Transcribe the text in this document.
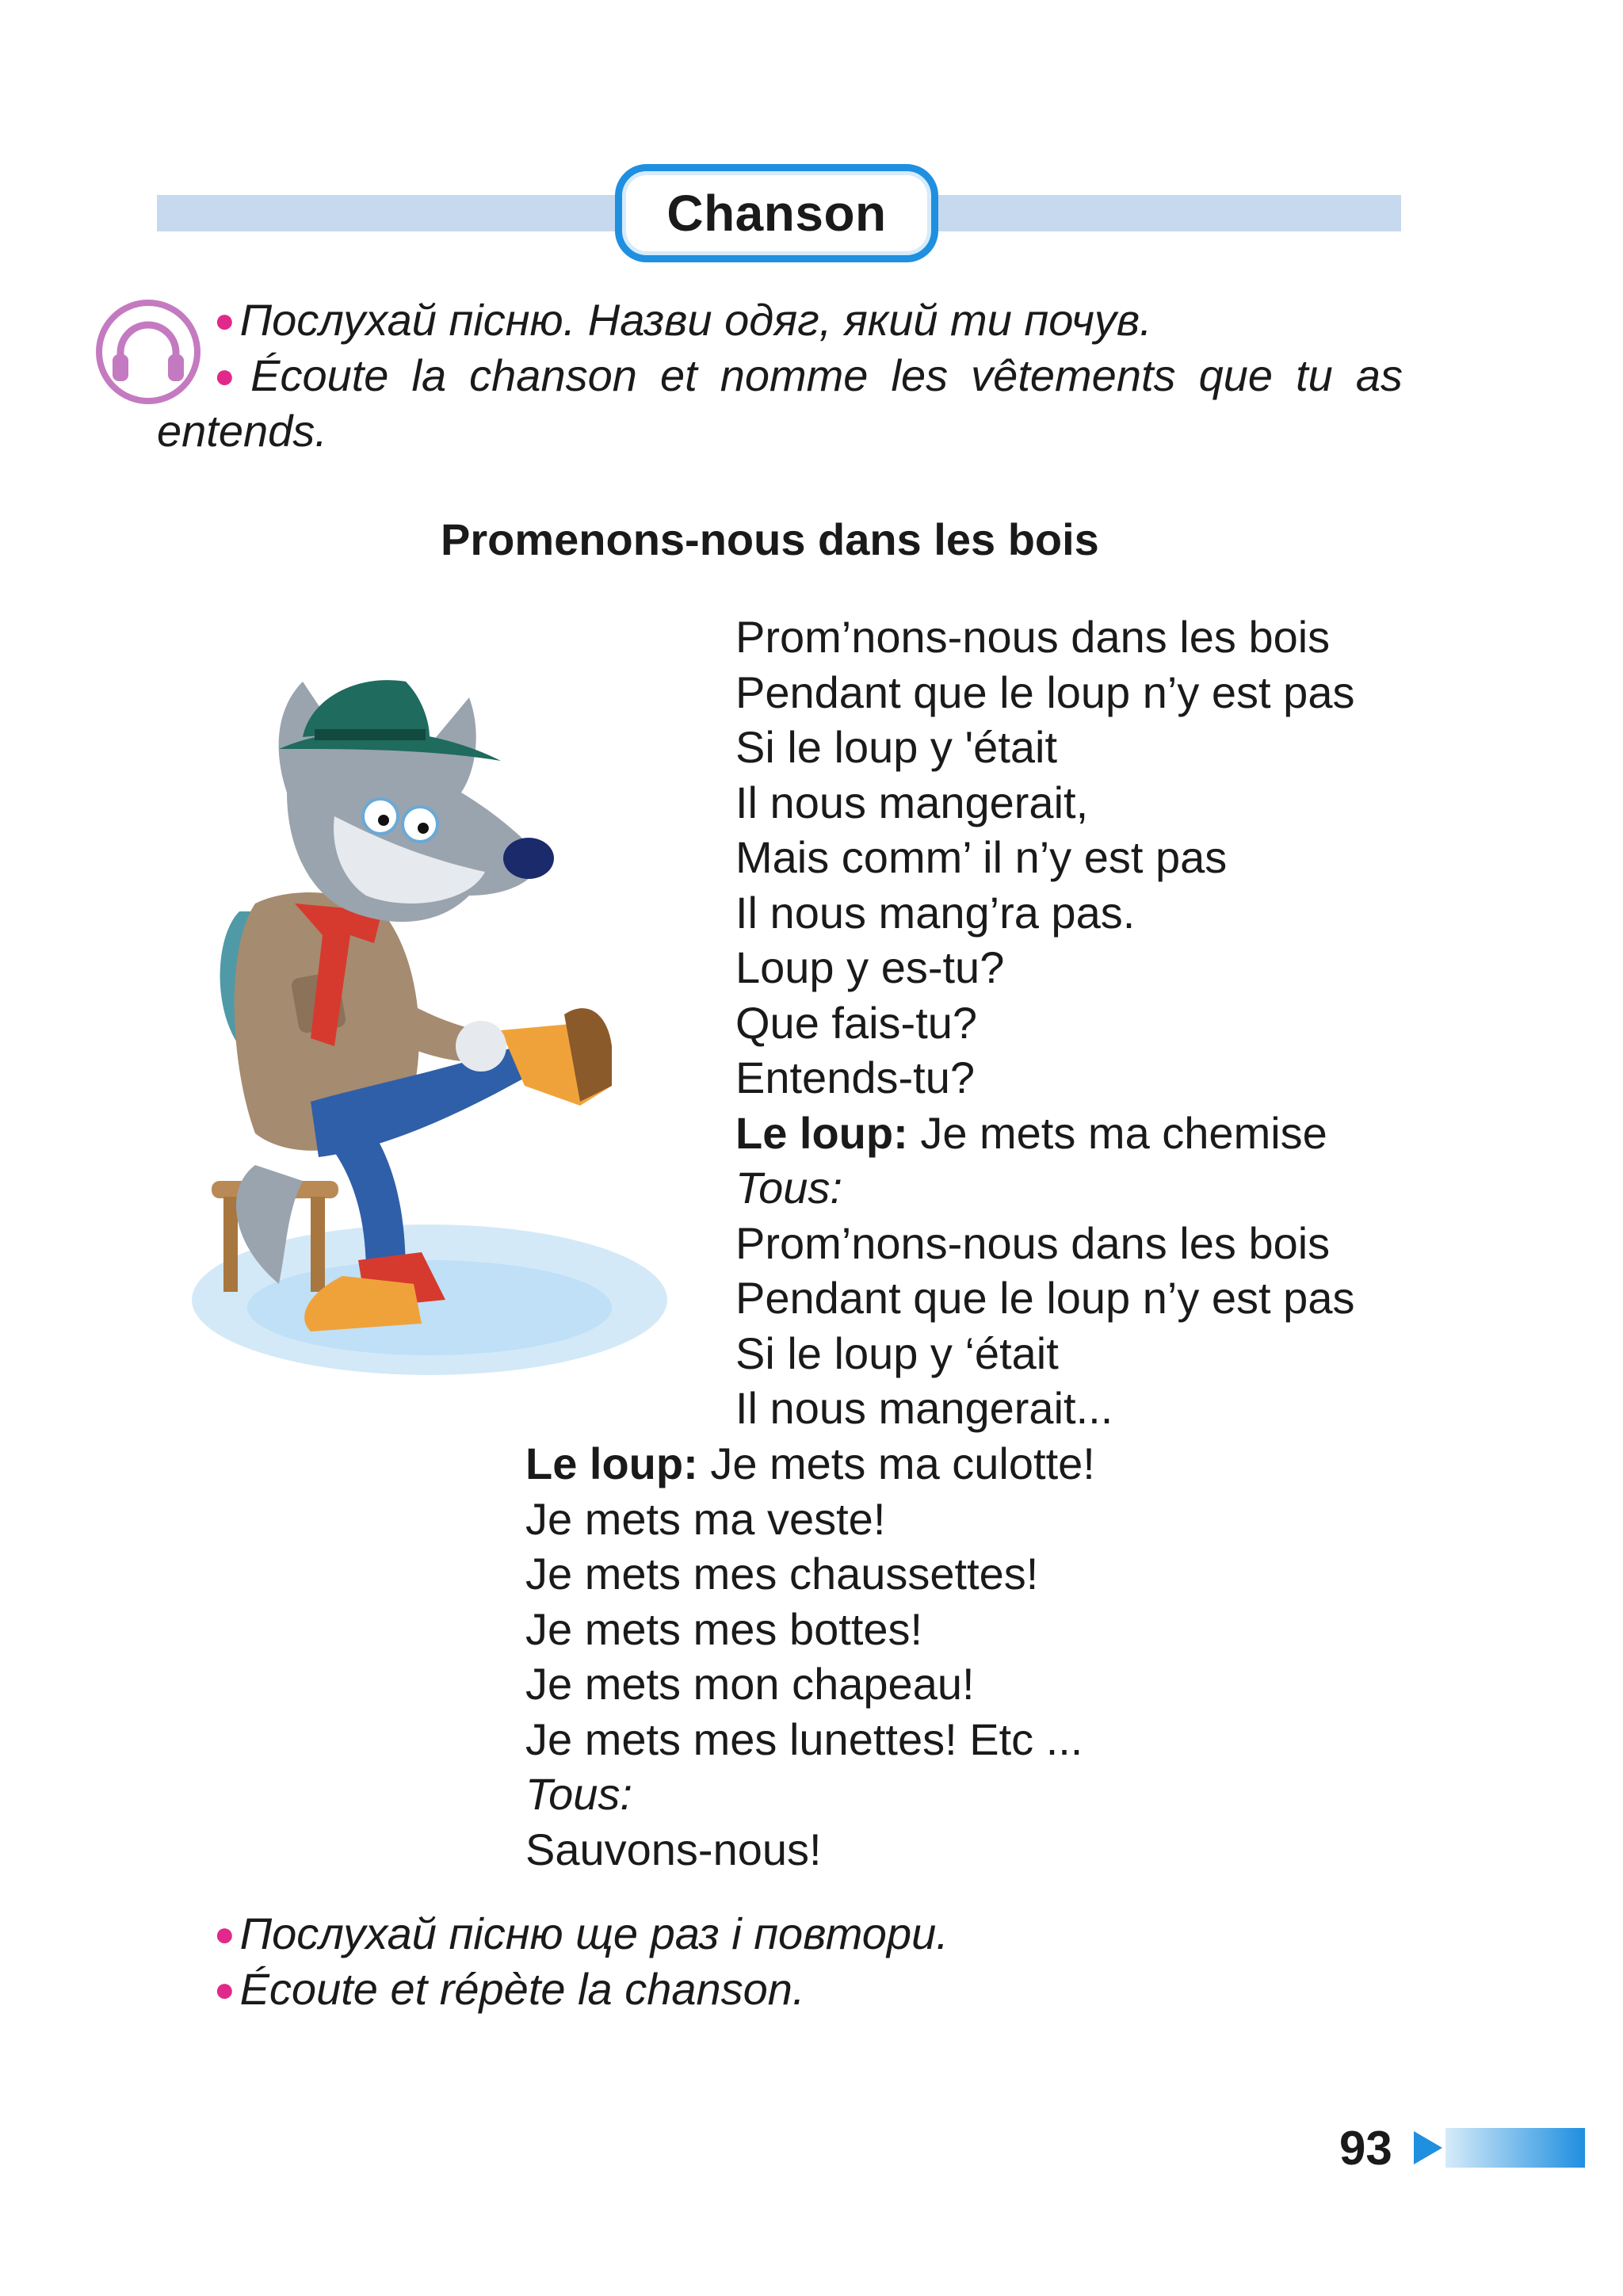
Chanson
● Послухай пісню. Назви одяг, який ти почув.
● Écoute la chanson et nomme les vêtements que tu as
entends.
Promenons-nous dans les bois
Prom’nons-nous dans les bois
Pendant que le loup n’y est pas
Si le loup y 'était
Il nous mangerait,
Mais comm’ il n’y est pas
Il nous mang’ra pas.
Loup y es-tu?
Que fais-tu?
Entends-tu?
Le loup: Je mets ma chemise
Tous:
Prom’nons-nous dans les bois
Pendant que le loup n’y est pas
Si le loup y ‘était
Il nous mangerait...
Le loup: Je mets ma culotte!
Je mets ma veste!
Je mets mes chaussettes!
Je mets mes bottes!
Je mets mon chapeau!
Je mets mes lunettes! Etc ...
Tous:
Sauvons-nous!
● Послухай пісню ще раз і повтори.
● Écoute et répète la chanson.
93
